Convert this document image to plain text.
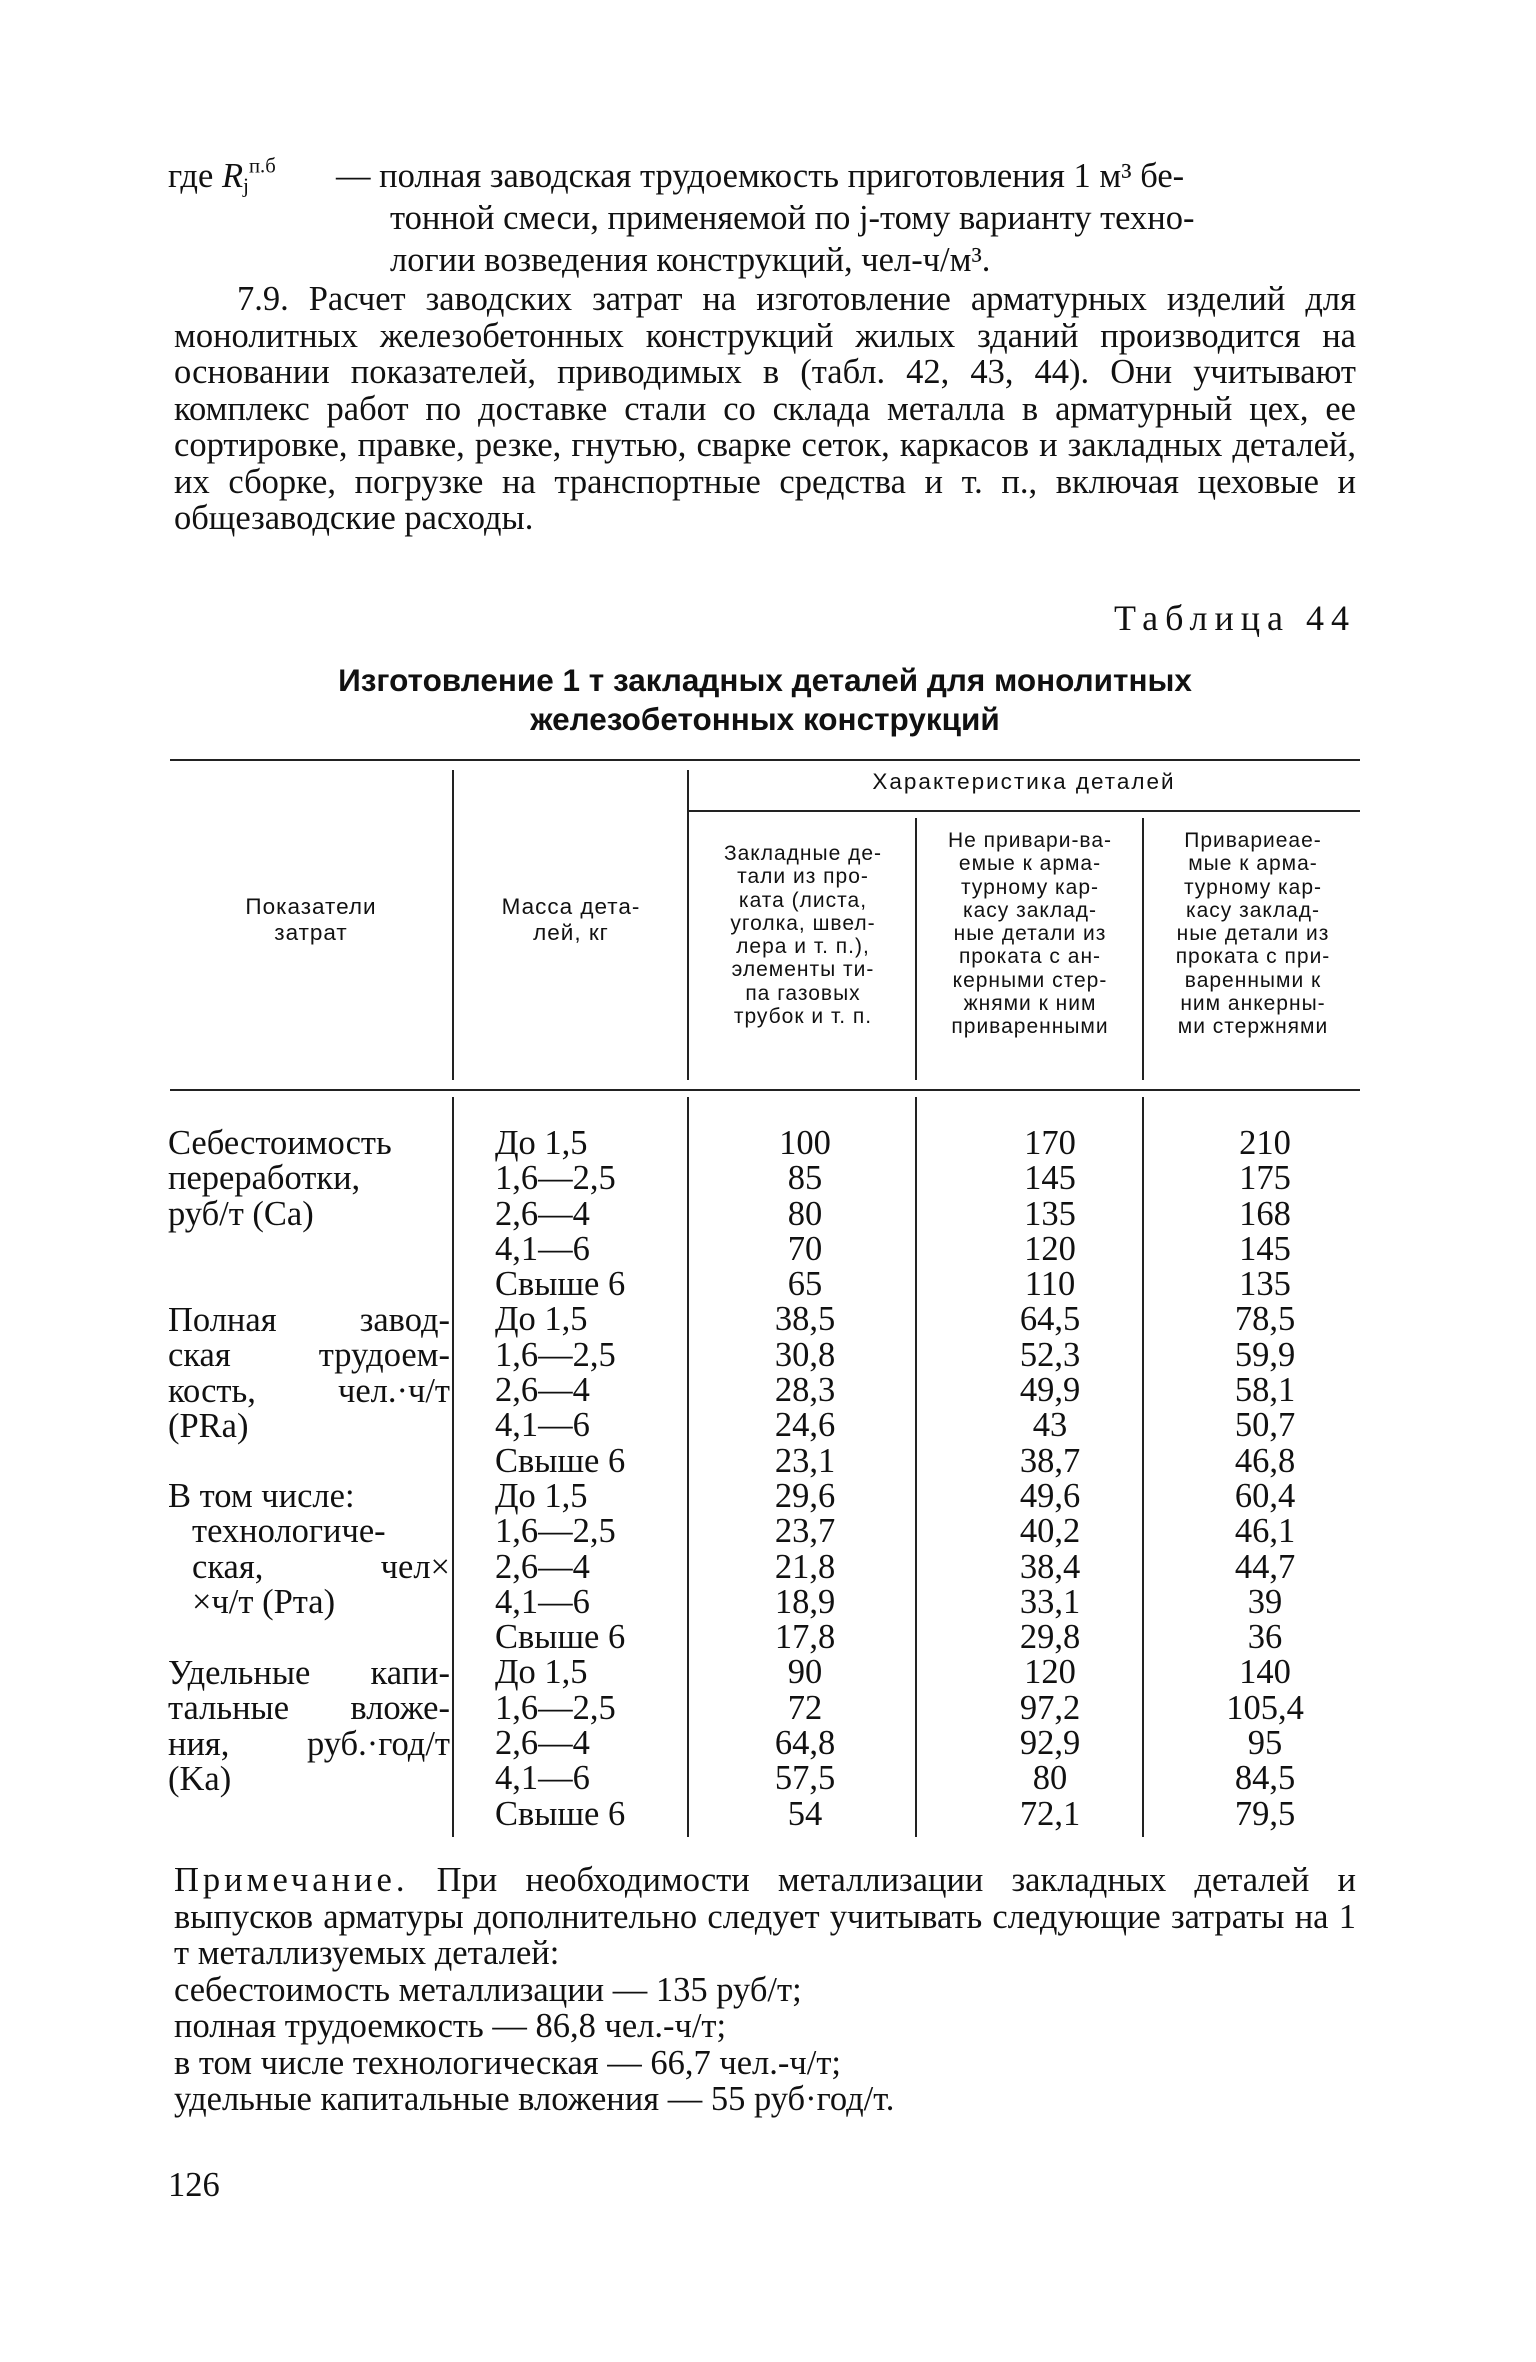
где $R_j^{п.б}$ — полная заводская трудоемкость приготовления 1 м³ бе-
тонной смеси, применяемой по j-тому варианту техно-
логии возведения конструкций, чел-ч/м³.

7.9. Расчет заводских затрат на изготовление арматурных изделий для монолитных железобетонных конструкций жилых зданий производится на основании показателей, приводимых в (табл. 42, 43, 44). Они учитывают комплекс работ по доставке стали со склада металла в арматурный цех, ее сортировке, правке, резке, гнутью, сварке сеток, каркасов и закладных деталей, их сборке, погрузке на транспортные средства и т. п., включая цеховые и общезаводские расходы.

Таблица 44
Изготовление 1 т закладных деталей для монолитных
железобетонных конструкций
Показатели
затрат
Масса дета-
лей, кг
Характеристика деталей
Закладные де-
тали из про-
ката (листа,
уголка, швел-
лера и т. п.),
элементы ти-
па газовых
трубок и т. п.
Не привари-ва-
емые к арма-
турному кар-
касу заклад-
ные детали из
проката с ан-
керными стер-
жнями к ним
приваренными
Привариeae-
мые к арма-
турному кар-
касу заклад-
ные детали из
проката с при-
варенными к
ним анкерны-
ми стержнями
Себестоимость
переработки,
руб/т (Cа)
Полная завод-
ская трудоем-
кость, чел.·ч/т
(PRа)
В том числе:
технологиче-
ская, чел×
×ч/т (Pта)
Удельные капи-
тальные вложе-
ния, руб.·год/т
(Kа)
До 1,5
1,6—2,5
2,6—4
4,1—6
Свыше 6
До 1,5
1,6—2,5
2,6—4
4,1—6
Свыше 6
До 1,5
1,6—2,5
2,6—4
4,1—6
Свыше 6
До 1,5
1,6—2,5
2,6—4
4,1—6
Свыше 6
100
85
80
70
65
38,5
30,8
28,3
24,6
23,1
29,6
23,7
21,8
18,9
17,8
90
72
64,8
57,5
54
170
145
135
120
110
64,5
52,3
49,9
43
38,7
49,6
40,2
38,4
33,1
29,8
120
97,2
92,9
80
72,1
210
175
168
145
135
78,5
59,9
58,1
50,7
46,8
60,4
46,1
44,7
39
36
140
105,4
95
84,5
79,5
Примечание. При необходимости металлизации закладных деталей и выпусков арматуры дополнительно следует учитывать следующие затраты на 1 т металлизуемых деталей:
себестоимость металлизации — 135 руб/т;
полная трудоемкость — 86,8 чел.-ч/т;
в том числе технологическая — 66,7 чел.-ч/т;
удельные капитальные вложения — 55 руб·год/т.
126
